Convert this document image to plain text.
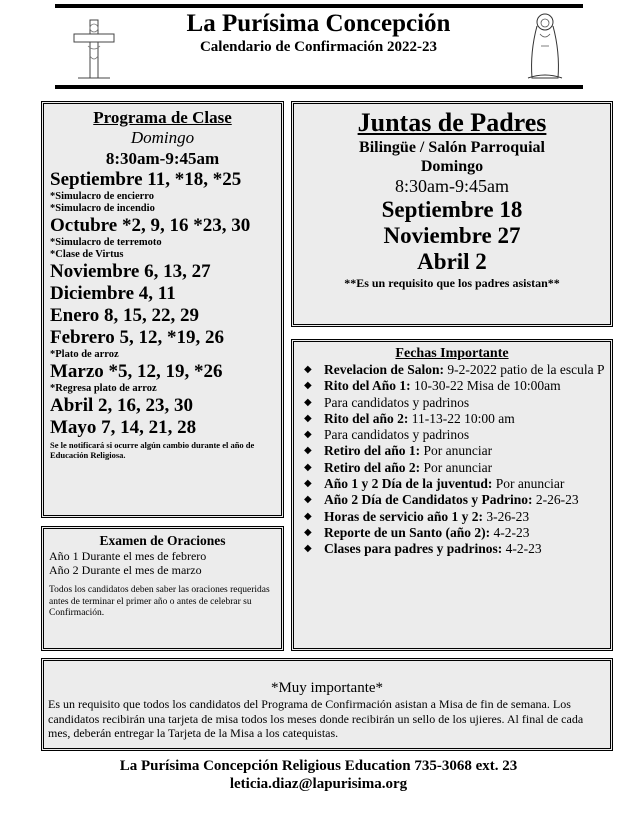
La Purísima Concepción
Calendario de Confirmación 2022-23
Programa de Clase
Domingo
8:30am-9:45am
Septiembre 11, *18, *25
*Simulacro de encierro
*Simulacro de incendio
Octubre *2, 9, 16 *23, 30
*Simulacro de terremoto
*Clase de Virtus
Noviembre 6, 13, 27
Diciembre 4, 11
Enero 8, 15, 22, 29
Febrero 5, 12, *19, 26
*Plato de arroz
Marzo *5, 12, 19, *26
*Regresa plato de arroz
Abril 2, 16, 23, 30
Mayo 7, 14, 21, 28
Se le notificará si ocurre algún cambio durante el año de Educación Religiosa.
Juntas de Padres
Bilingüe / Salón Parroquial
Domingo
8:30am-9:45am
Septiembre 18
Noviembre 27
Abril 2
**Es un requisito que los padres asistan**
Fechas Importante
◆ Revelacion de Salon: 9-2-2022 patio de la escula P
◆ Rito del Año 1: 10-30-22 Misa de 10:00am
◆ Para candidatos y padrinos
◆ Rito del año 2: 11-13-22 10:00 am
◆ Para candidatos y padrinos
◆ Retiro del año 1: Por anunciar
◆ Retiro del año 2: Por anunciar
◆ Año 1 y 2 Día de la juventud: Por anunciar
◆ Año 2 Día de Candidatos y Padrino: 2-26-23
◆ Horas de servicio año 1 y 2: 3-26-23
◆ Reporte de un Santo (año 2): 4-2-23
◆ Clases para padres y padrinos: 4-2-23
Examen de Oraciones
Año 1 Durante el mes de febrero
Año 2 Durante el mes de marzo
Todos los candidatos deben saber las oraciones requeridas antes de terminar el primer año o antes de celebrar su Confirmación.
*Muy importante*
Es un requisito que todos los candidatos del Programa de Confirmación asistan a Misa de fin de semana. Los candidatos recibirán una tarjeta de misa todos los meses donde recibirán un sello de los ujieres. Al final de cada mes, deberán entregar la Tarjeta de la Misa a los catequistas.
La Purísima Concepción Religious Education 735-3068 ext. 23
leticia.diaz@lapurisima.org
